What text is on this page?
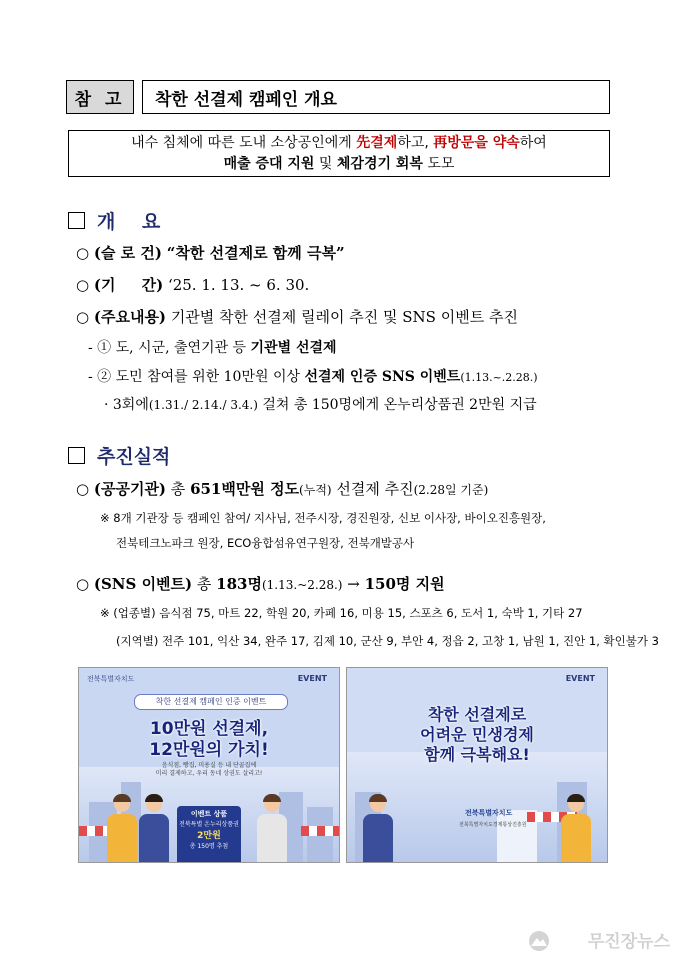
참 고	착한 선결제 캠페인 개요
내수 침체에 따른 도내 소상공인에게 先결제하고, 再방문을 약속하여
매출 증대 지원 및 체감경기 회복 도모
개    요
○ (슬 로 건) “착한 선결제로 함께 극복”
○ (기     간) ‘25. 1. 13. ~ 6. 30.
○ (주요내용) 기관별 착한 선결제 릴레이 추진 및 SNS 이벤트 추진
- ① 도, 시군, 출연기관 등 기관별 선결제
- ② 도민 참여를 위한 10만원 이상 선결제 인증 SNS 이벤트(1.13.~.2.28.)
· 3회에(1.31./ 2.14./ 3.4.) 걸쳐 총 150명에게 온누리상품권 2만원 지급
추진실적
○ (공공기관) 총 651백만원 정도(누적) 선결제 추진(2.28일 기준)
※ 8개 기관장 등 캠페인 참여/ 지사님, 전주시장, 경진원장, 신보 이사장, 바이오진흥원장,
전북테크노파크 원장, ECO융합섬유연구원장, 전북개발공사
○ (SNS 이벤트) 총 183명(1.13.~2.28.) → 150명 지원
※ (업종별) 음식점 75, 마트 22, 학원 20, 카페 16, 미용 15, 스포츠 6, 도서 1, 숙박 1, 기타 27
(지역별) 전주 101, 익산 34, 완주 17, 김제 10, 군산 9, 부안 4, 정읍 2, 고창 1, 남원 1, 진안 1, 확인불가 3
전북특별자치도	EVENT
착한 선결제 캠페인 인증 이벤트
10만원 선결제,
12만원의 가치!
음식점, 빵집, 미용실 등 내 단골집에
미리 결제하고, 우리 동네 상권도 살리고!
이벤트 상품
전북특별 온누리상품권
2만원
총 150명 추첨
EVENT
착한 선결제로
어려운 민생경제
함께 극복해요!
전북특별자치도
전북특별자치도경제통상진흥원
무진장뉴스
